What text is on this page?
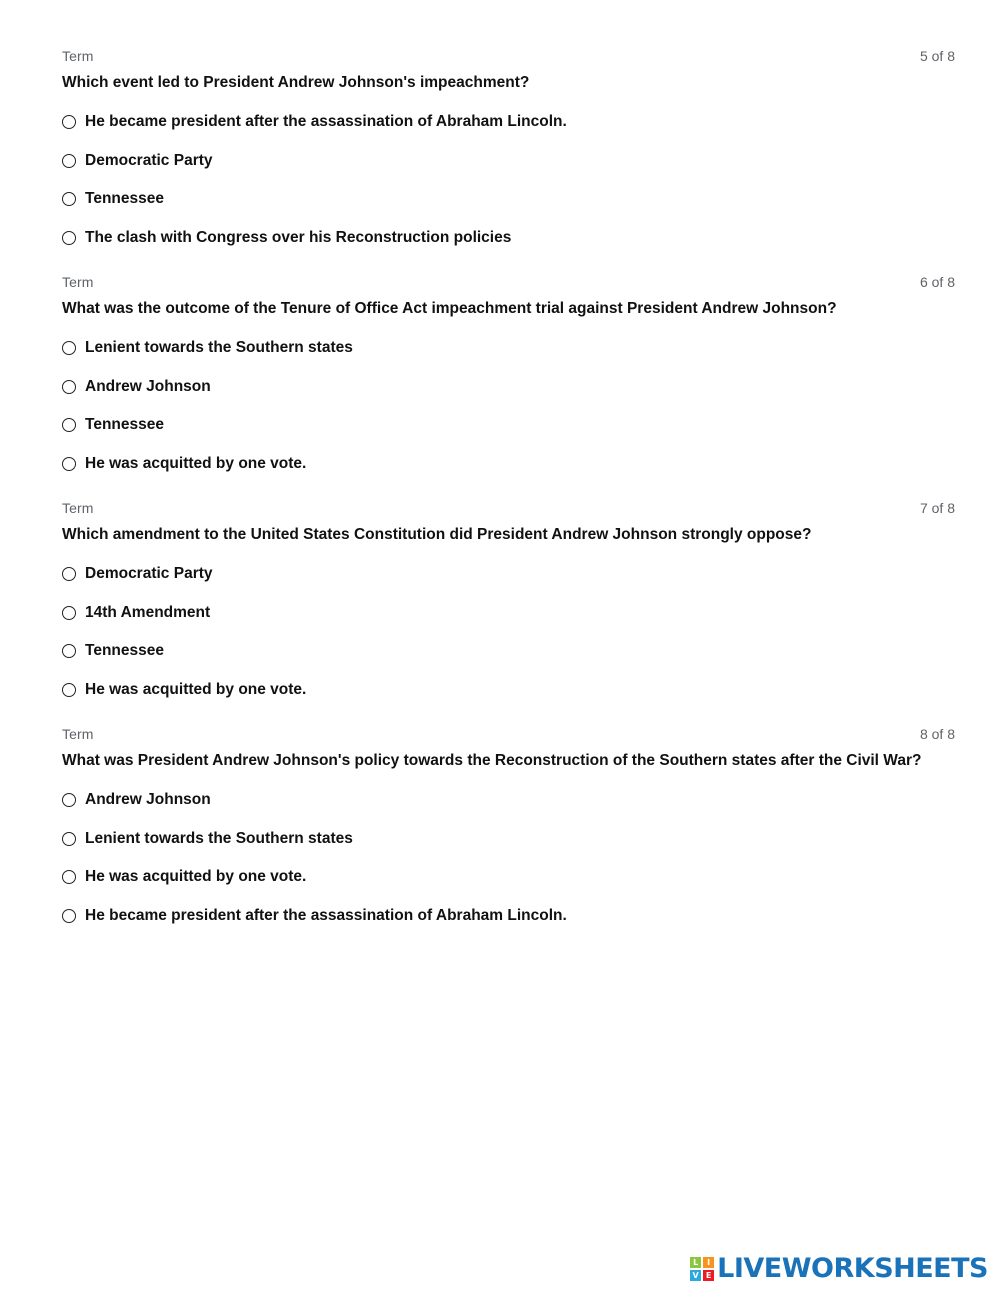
Term	5 of 8
Which event led to President Andrew Johnson's impeachment?
He became president after the assassination of Abraham Lincoln.
Democratic Party
Tennessee
The clash with Congress over his Reconstruction policies
Term	6 of 8
What was the outcome of the Tenure of Office Act impeachment trial against President Andrew Johnson?
Lenient towards the Southern states
Andrew Johnson
Tennessee
He was acquitted by one vote.
Term	7 of 8
Which amendment to the United States Constitution did President Andrew Johnson strongly oppose?
Democratic Party
14th Amendment
Tennessee
He was acquitted by one vote.
Term	8 of 8
What was President Andrew Johnson's policy towards the Reconstruction of the Southern states after the Civil War?
Andrew Johnson
Lenient towards the Southern states
He was acquitted by one vote.
He became president after the assassination of Abraham Lincoln.
L	I
V E LIVEWORKSHEETS
